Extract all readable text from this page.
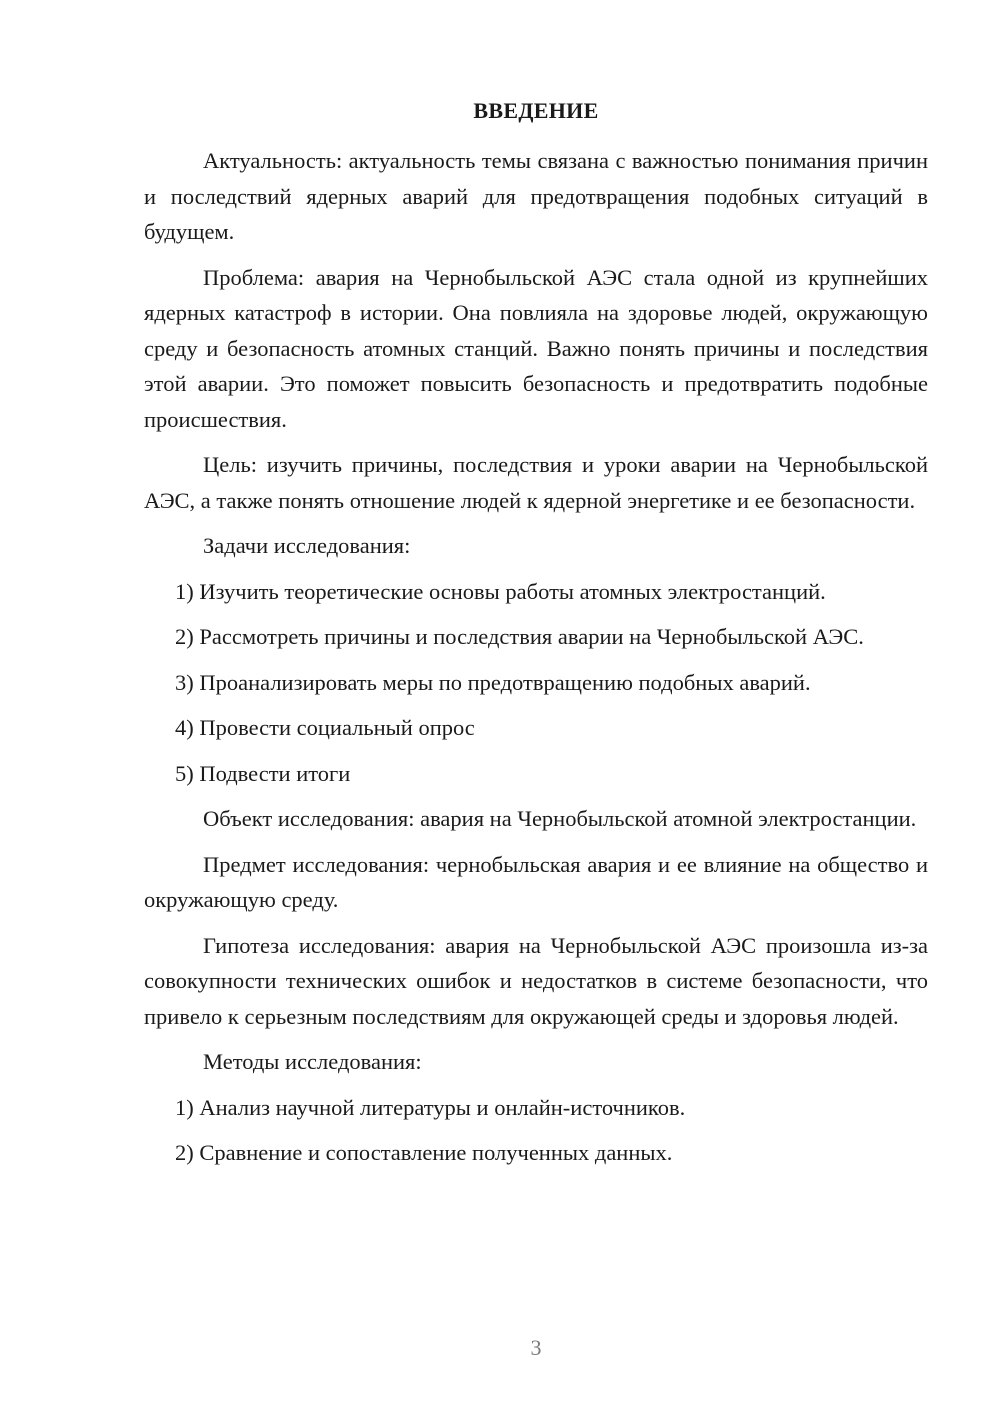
ВВЕДЕНИЕ

Актуальность: актуальность темы связана с важностью понимания причин и последствий ядерных аварий для предотвращения подобных ситуаций в будущем.

Проблема: авария на Чернобыльской АЭС стала одной из крупнейших ядерных катастроф в истории. Она повлияла на здоровье людей, окружающую среду и безопасность атомных станций. Важно понять причины и последствия этой аварии. Это поможет повысить безопасность и предотвратить подобные происшествия.

Цель: изучить причины, последствия и уроки аварии на Чернобыльской АЭС, а также понять отношение людей к ядерной энергетике и ее безопасности.

Задачи исследования:

1) Изучить теоретические основы работы атомных электростанций.

2) Рассмотреть причины и последствия аварии на Чернобыльской АЭС.

3) Проанализировать меры по предотвращению подобных аварий.

4) Провести социальный опрос

5) Подвести итоги

Объект исследования: авария на Чернобыльской атомной электростанции.

Предмет исследования: чернобыльская авария и ее влияние на общество и окружающую среду.

Гипотеза исследования: авария на Чернобыльской АЭС произошла из-за совокупности технических ошибок и недостатков в системе безопасности, что привело к серьезным последствиям для окружающей среды и здоровья людей.

Методы исследования:

1) Анализ научной литературы и онлайн-источников.

2) Сравнение и сопоставление полученных данных.

3
